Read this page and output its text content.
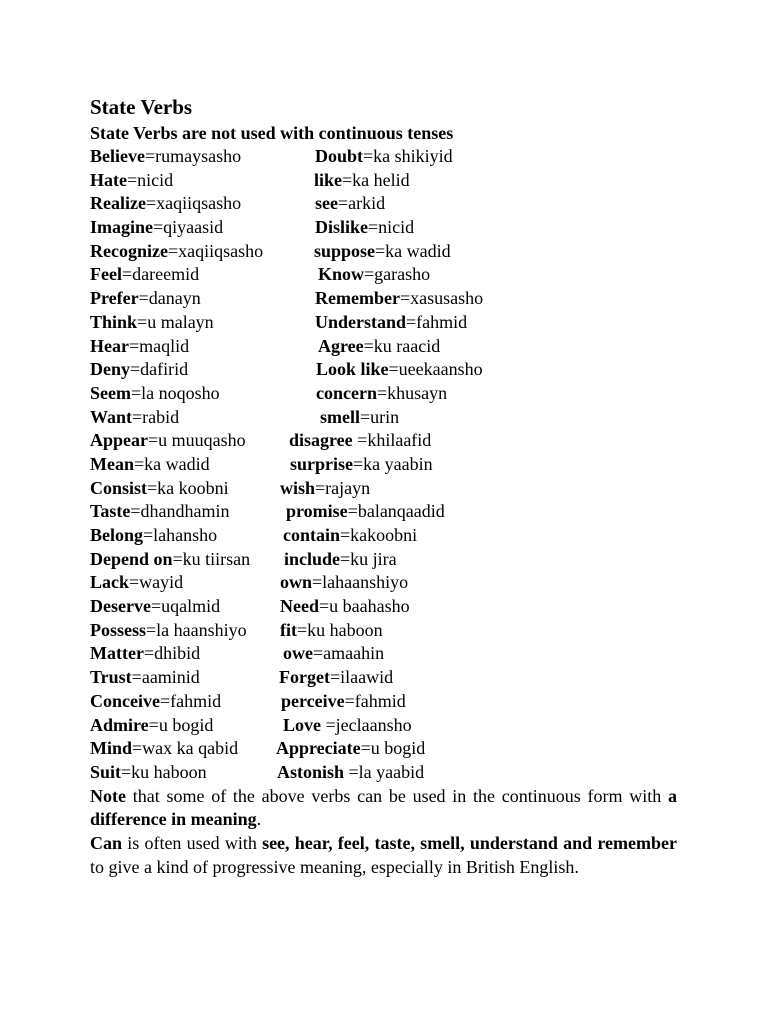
State Verbs
State Verbs are not used with continuous tenses
Believe=rumaysasho	Doubt=ka shikiyid
Hate=nicid	like=ka helid
Realize=xaqiiqsasho	see=arkid
Imagine=qiyaasid	Dislike=nicid
Recognize=xaqiiqsasho	suppose=ka wadid
Feel=dareemid	Know=garasho
Prefer=danayn	Remember=xasusasho
Think=u malayn	Understand=fahmid
Hear=maqlid	Agree=ku raacid
Deny=dafirid	Look like=ueekaansho
Seem=la noqosho	concern=khusayn
Want=rabid	smell=urin
Appear=u muuqasho disagree =khilaafid
Mean=ka wadid	surprise=ka yaabin
Consist=ka koobni	wish=rajayn
Taste=dhandhamin	promise=balanqaadid
Belong=lahansho	contain=kakoobni
Depend on=ku tiirsan include=ku jira
Lack=wayid	own=lahaanshiyo
Deserve=uqalmid	Need=u baahasho
Possess=la haanshiyo fit=ku haboon
Matter=dhibid	owe=amaahin
Trust=aaminid	Forget=ilaawid
Conceive=fahmid	perceive=fahmid
Admire=u bogid	Love =jeclaansho
Mind=wax ka qabid Appreciate=u bogid
Suit=ku haboon	Astonish =la yaabid

Note that some of the above verbs can be used in the continuous form with a difference in meaning.

Can is often used with see, hear, feel, taste, smell, understand and remember to give a kind of progressive meaning, especially in British English.
